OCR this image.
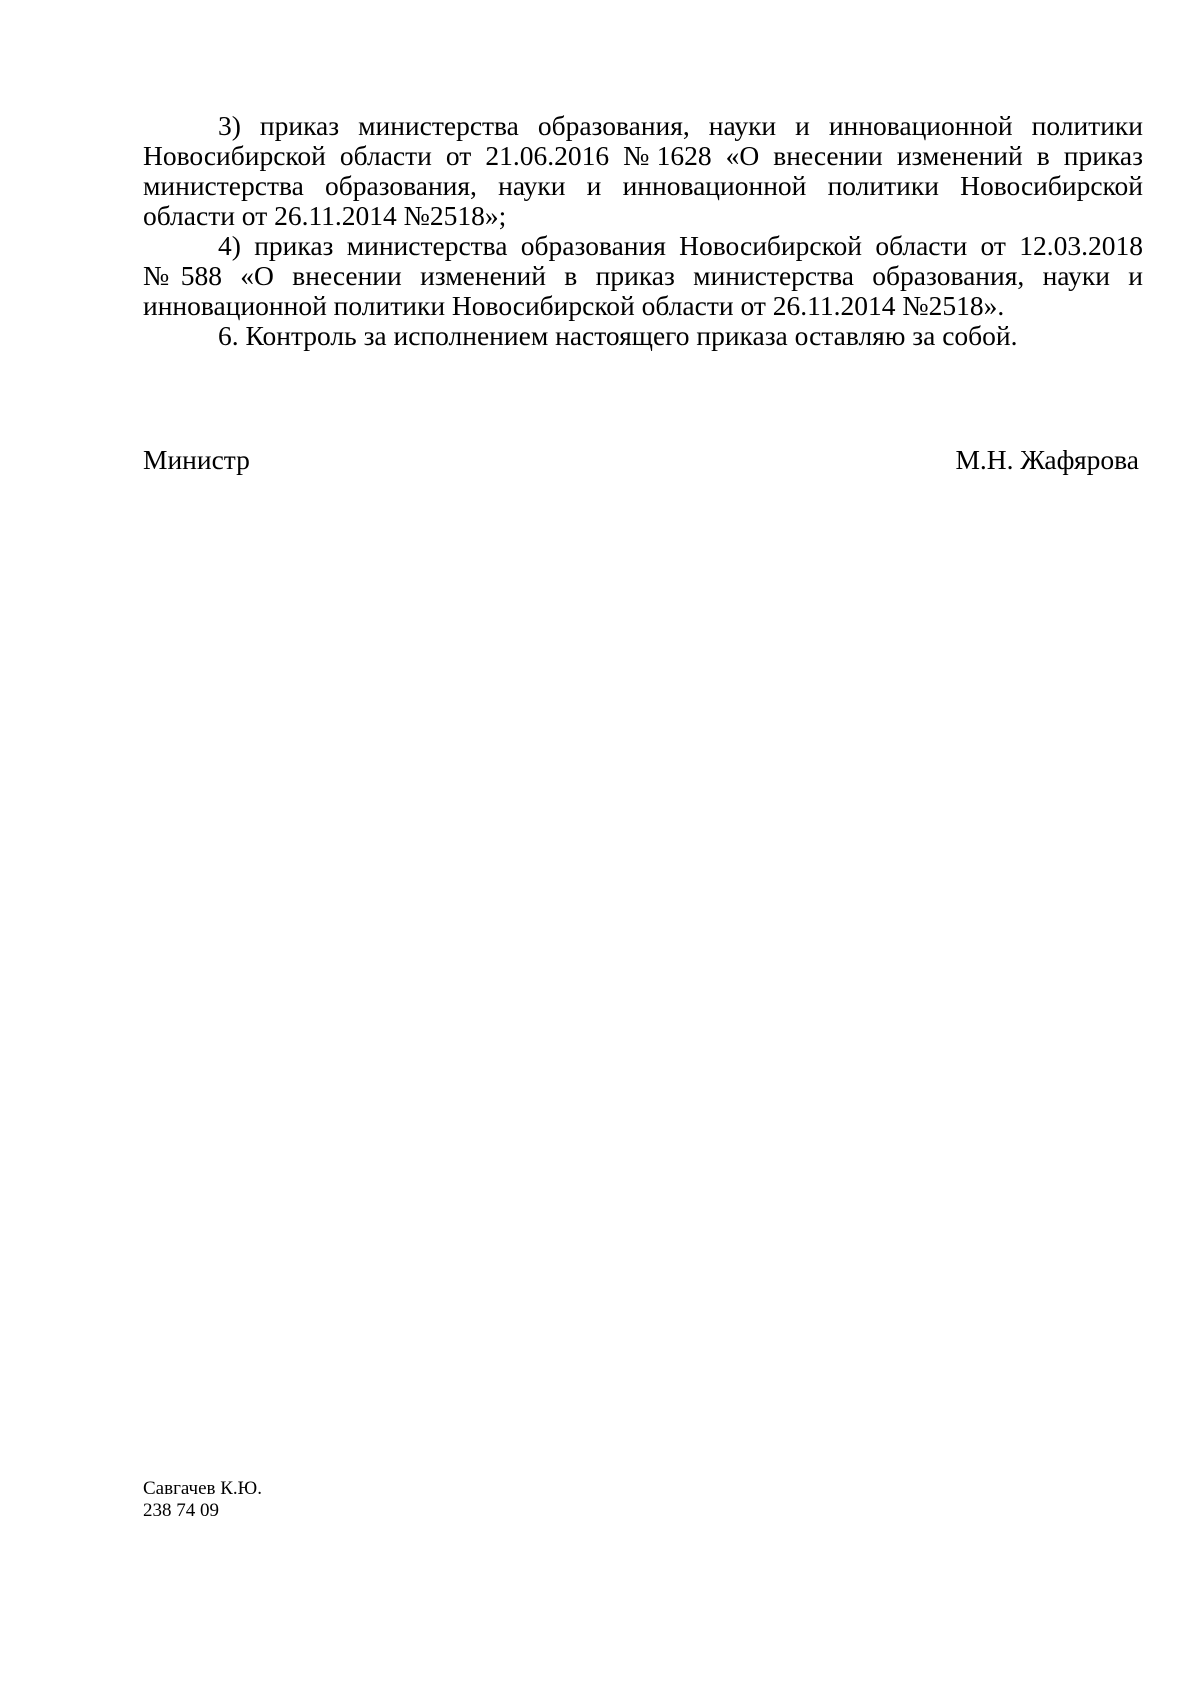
3) приказ министерства образования, науки и инновационной политики Новосибирской области от 21.06.2016 №1628 «О внесении изменений в приказ министерства образования, науки и инновационной политики Новосибирской области от 26.11.2014 №2518»;

4) приказ министерства образования Новосибирской области от 12.03.2018 №588 «О внесении изменений в приказ министерства образования, науки и инновационной политики Новосибирской области от 26.11.2014 №2518».

6. Контроль за исполнением настоящего приказа оставляю за собой.

Министр	М.Н. Жафярова
Савгачев К.Ю.
238 74 09
